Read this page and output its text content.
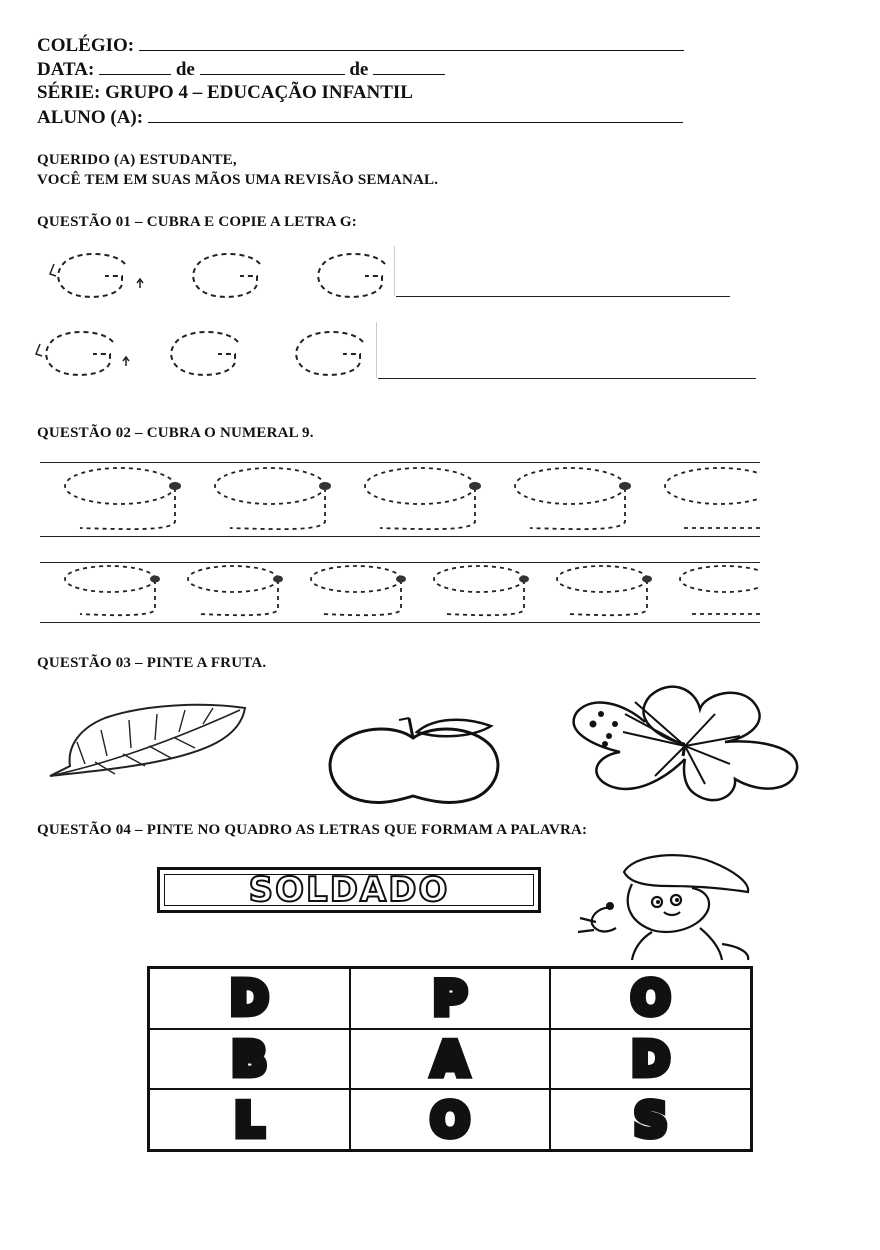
COLÉGIO:
DATA:	de	de
SÉRIE: GRUPO 4 – EDUCAÇÃO INFANTIL
ALUNO (A):
QUERIDO (A) ESTUDANTE,
VOCÊ TEM EM SUAS MÃOS UMA REVISÃO SEMANAL.
QUESTÃO 01 – CUBRA E COPIE A LETRA G:
QUESTÃO 02 – CUBRA O NUMERAL 9.
QUESTÃO 03 – PINTE A FRUTA.
QUESTÃO 04 – PINTE NO QUADRO AS LETRAS QUE FORMAM A PALAVRA:
SOLDADO
D	P	O
B	A	D
L	O	S
